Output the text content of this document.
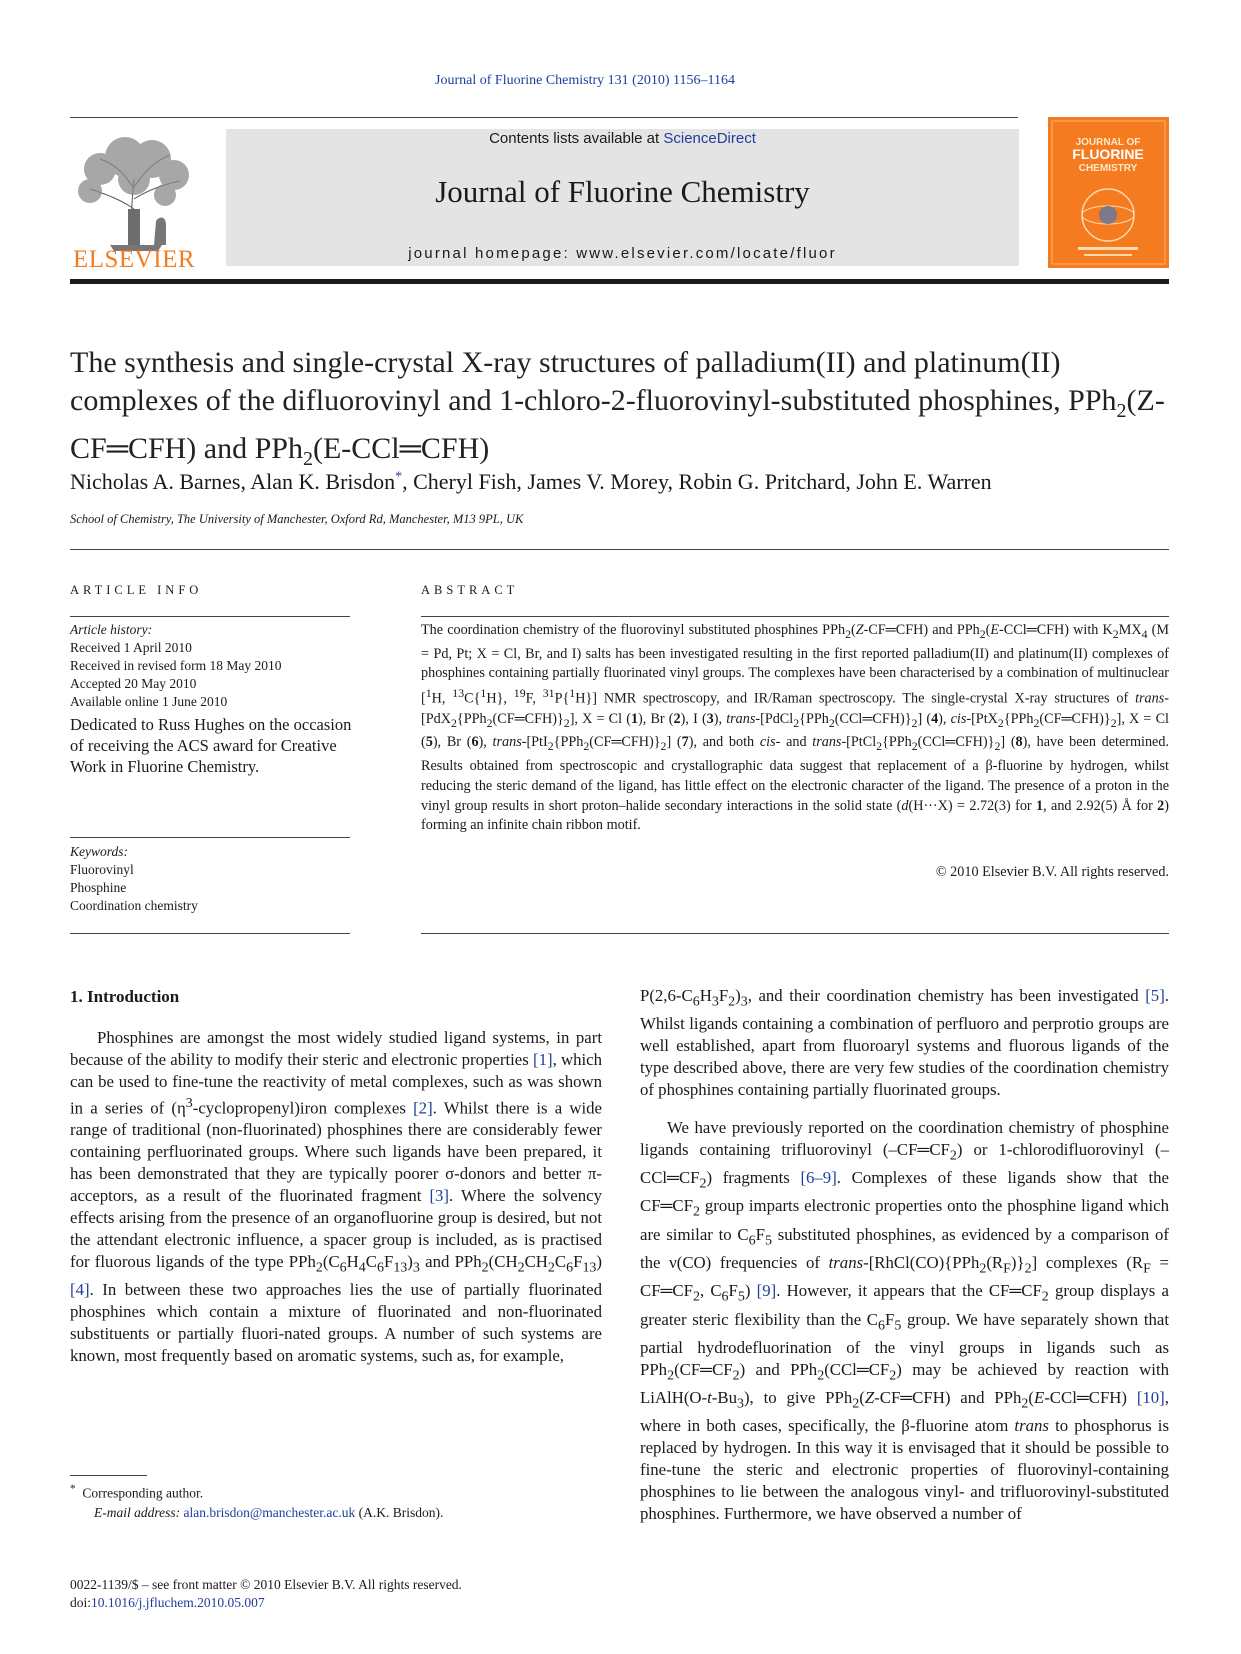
Journal of Fluorine Chemistry 131 (2010) 1156–1164
ELSEVIER
Contents lists available at ScienceDirect
Journal of Fluorine Chemistry
journal homepage: www.elsevier.com/locate/fluor
JOURNAL OF
FLUORINE
CHEMISTRY
The synthesis and single-crystal X-ray structures of palladium(II) and platinum(II) complexes of the difluorovinyl and 1-chloro-2-fluorovinyl-substituted phosphines, PPh$_2$(Z-CF═CFH) and PPh$_2$(E-CCl═CFH)
Nicholas A. Barnes, Alan K. Brisdon*, Cheryl Fish, James V. Morey, Robin G. Pritchard, John E. Warren
School of Chemistry, The University of Manchester, Oxford Rd, Manchester, M13 9PL, UK
ARTICLE INFO
Article history:
Received 1 April 2010
Received in revised form 18 May 2010
Accepted 20 May 2010
Available online 1 June 2010
Dedicated to Russ Hughes on the occasion of receiving the ACS award for Creative Work in Fluorine Chemistry.
Keywords:
Fluorovinyl
Phosphine
Coordination chemistry
ABSTRACT
The coordination chemistry of the fluorovinyl substituted phosphines PPh$_2$(Z-CF═CFH) and PPh$_2$(E-CCl═CFH) with $K_2MX_4$ (M = Pd, Pt; X = Cl, Br, and I) salts has been investigated resulting in the first reported palladium(II) and platinum(II) complexes of phosphines containing partially fluorinated vinyl groups. The complexes have been characterised by a combination of multinuclear [$^1$H, $^{13}$C{$^1$H}, $^{19}$F, $^{31}$P{$^1$H}] NMR spectroscopy, and IR/Raman spectroscopy. The single-crystal X-ray structures of trans-$[PdX_2\{PPh_2(CF═CFH)\}_2]$, X = Cl (1), Br (2), I (3), trans-$[PdCl_2\{PPh_2(CCl═CFH)\}_2]$ (4), cis-$[PtX_2\{PPh_2(CF═CFH)\}_2]$, X = Cl (5), Br (6), trans-$[PtI_2\{PPh_2(CF═CFH)\}_2]$ (7), and both cis- and trans-$[PtCl_2\{PPh_2(CCl═CFH)\}_2]$ (8), have been determined. Results obtained from spectroscopic and crystallographic data suggest that replacement of a β-fluorine by hydrogen, whilst reducing the steric demand of the ligand, has little effect on the electronic character of the ligand. The presence of a proton in the vinyl group results in short proton–halide secondary interactions in the solid state (d(H···X) = 2.72(3) for 1, and 2.92(5) Å for 2) forming an infinite chain ribbon motif.
© 2010 Elsevier B.V. All rights reserved.
1. Introduction
Phosphines are amongst the most widely studied ligand systems, in part because of the ability to modify their steric and electronic properties [1], which can be used to fine-tune the reactivity of metal complexes, such as was shown in a series of $(\eta^3-cyclopropenyl)iron$ complexes [2]. Whilst there is a wide range of traditional (non-fluorinated) phosphines there are considerably fewer containing perfluorinated groups. Where such ligands have been prepared, it has been demonstrated that they are typically poorer σ-donors and better π-acceptors, as a result of the fluorinated fragment [3]. Where the solvency effects arising from the presence of an organofluorine group is desired, but not the attendant electronic influence, a spacer group is included, as is practised for fluorous ligands of the type $PPh_2(C_6H_4C_6F_{13})_3$ and $PPh_2(CH_2CH_2C_6F_{13})$ [4]. In between these two approaches lies the use of partially fluorinated phosphines which contain a mixture of fluorinated and non-fluorinated substituents or partially fluori-nated groups. A number of such systems are known, most frequently based on aromatic systems, such as, for example,
$P(2,6-C_6H_3F_2)_3$, and their coordination chemistry has been investigated [5]. Whilst ligands containing a combination of perfluoro and perprotio groups are well established, apart from fluoroaryl systems and fluorous ligands of the type described above, there are very few studies of the coordination chemistry of phosphines containing partially fluorinated groups.
We have previously reported on the coordination chemistry of phosphine ligands containing trifluorovinyl $(-CF═CF_2)$ or 1-chlorodifluorovinyl $(-CCl═CF_2)$ fragments [6–9]. Complexes of these ligands show that the $CF═CF_2$ group imparts electronic properties onto the phosphine ligand which are similar to $C_6F_5$ substituted phosphines, as evidenced by a comparison of the ν(CO) frequencies of trans-$[RhCl(CO)\{PPh_2(R_F)\}_2]$ complexes ($R_F$ = $CF═CF_2$, $C_6F_5$) [9]. However, it appears that the $CF═CF_2$ group displays a greater steric flexibility than the $C_6F_5$ group. We have separately shown that partial hydrodefluorination of the vinyl groups in ligands such as $PPh_2(CF═CF_2)$ and $PPh_2(CCl═CF_2)$ may be achieved by reaction with $LiAlH(O-t-Bu_3)$, to give PPh$_2$(Z-CF═CFH) and PPh$_2$(E-CCl═CFH) [10], where in both cases, specifically, the β-fluorine atom trans to phosphorus is replaced by hydrogen. In this way it is envisaged that it should be possible to fine-tune the steric and electronic properties of fluorovinyl-containing phosphines to lie between the analogous vinyl- and trifluorovinyl-substituted phosphines. Furthermore, we have observed a number of
* Corresponding author.
E-mail address: alan.brisdon@manchester.ac.uk (A.K. Brisdon).
0022-1139/$ – see front matter © 2010 Elsevier B.V. All rights reserved.
doi:10.1016/j.jfluchem.2010.05.007
